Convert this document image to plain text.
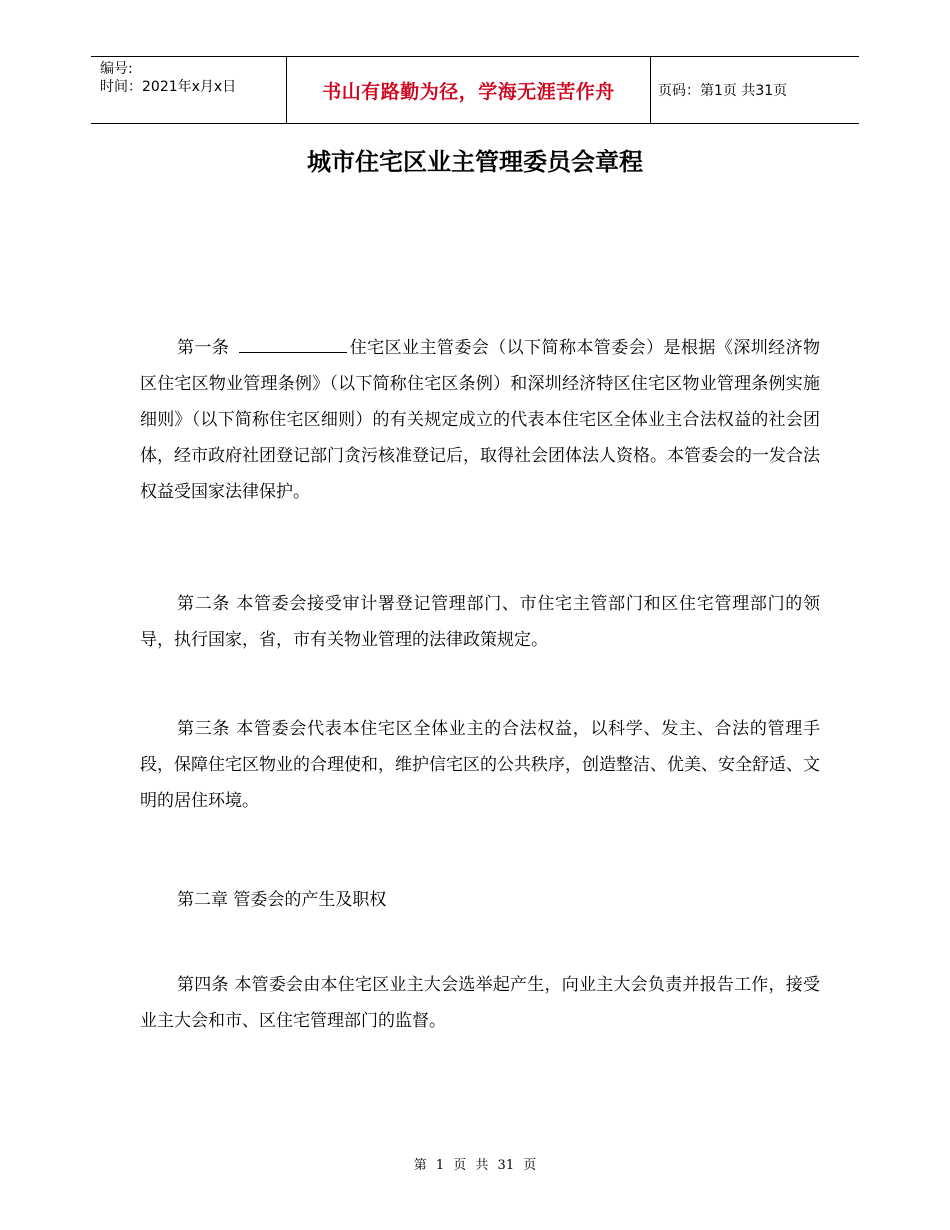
编号:
时间：2021年x月x日	书山有路勤为径，学海无涯苦作舟	页码：第1页 共31页
城市住宅区业主管理委员会章程
第一条	住宅区业主管委会（以下简称本管委会）是根据《深圳经济物区住宅区物业管理条例》（以下简称住宅区条例）和深圳经济特区住宅区物业管理条例实施细则》（以下简称住宅区细则）的有关规定成立的代表本住宅区全体业主合法权益的社会团体，经市政府社团登记部门贪污核准登记后，取得社会团体法人资格。本管委会的一发合法权益受国家法律保护。
第二条 本管委会接受审计署登记管理部门、市住宅主管部门和区住宅管理部门的领导，执行国家，省，市有关物业管理的法律政策规定。
第三条 本管委会代表本住宅区全体业主的合法权益，以科学、发主、合法的管理手段，保障住宅区物业的合理使和，维护信宅区的公共秩序，创造整洁、优美、安全舒适、文明的居住环境。
第二章 管委会的产生及职权
第四条 本管委会由本住宅区业主大会选举起产生，向业主大会负责并报告工作，接受业主大会和市、区住宅管理部门的监督。
第 1 页 共 31 页
